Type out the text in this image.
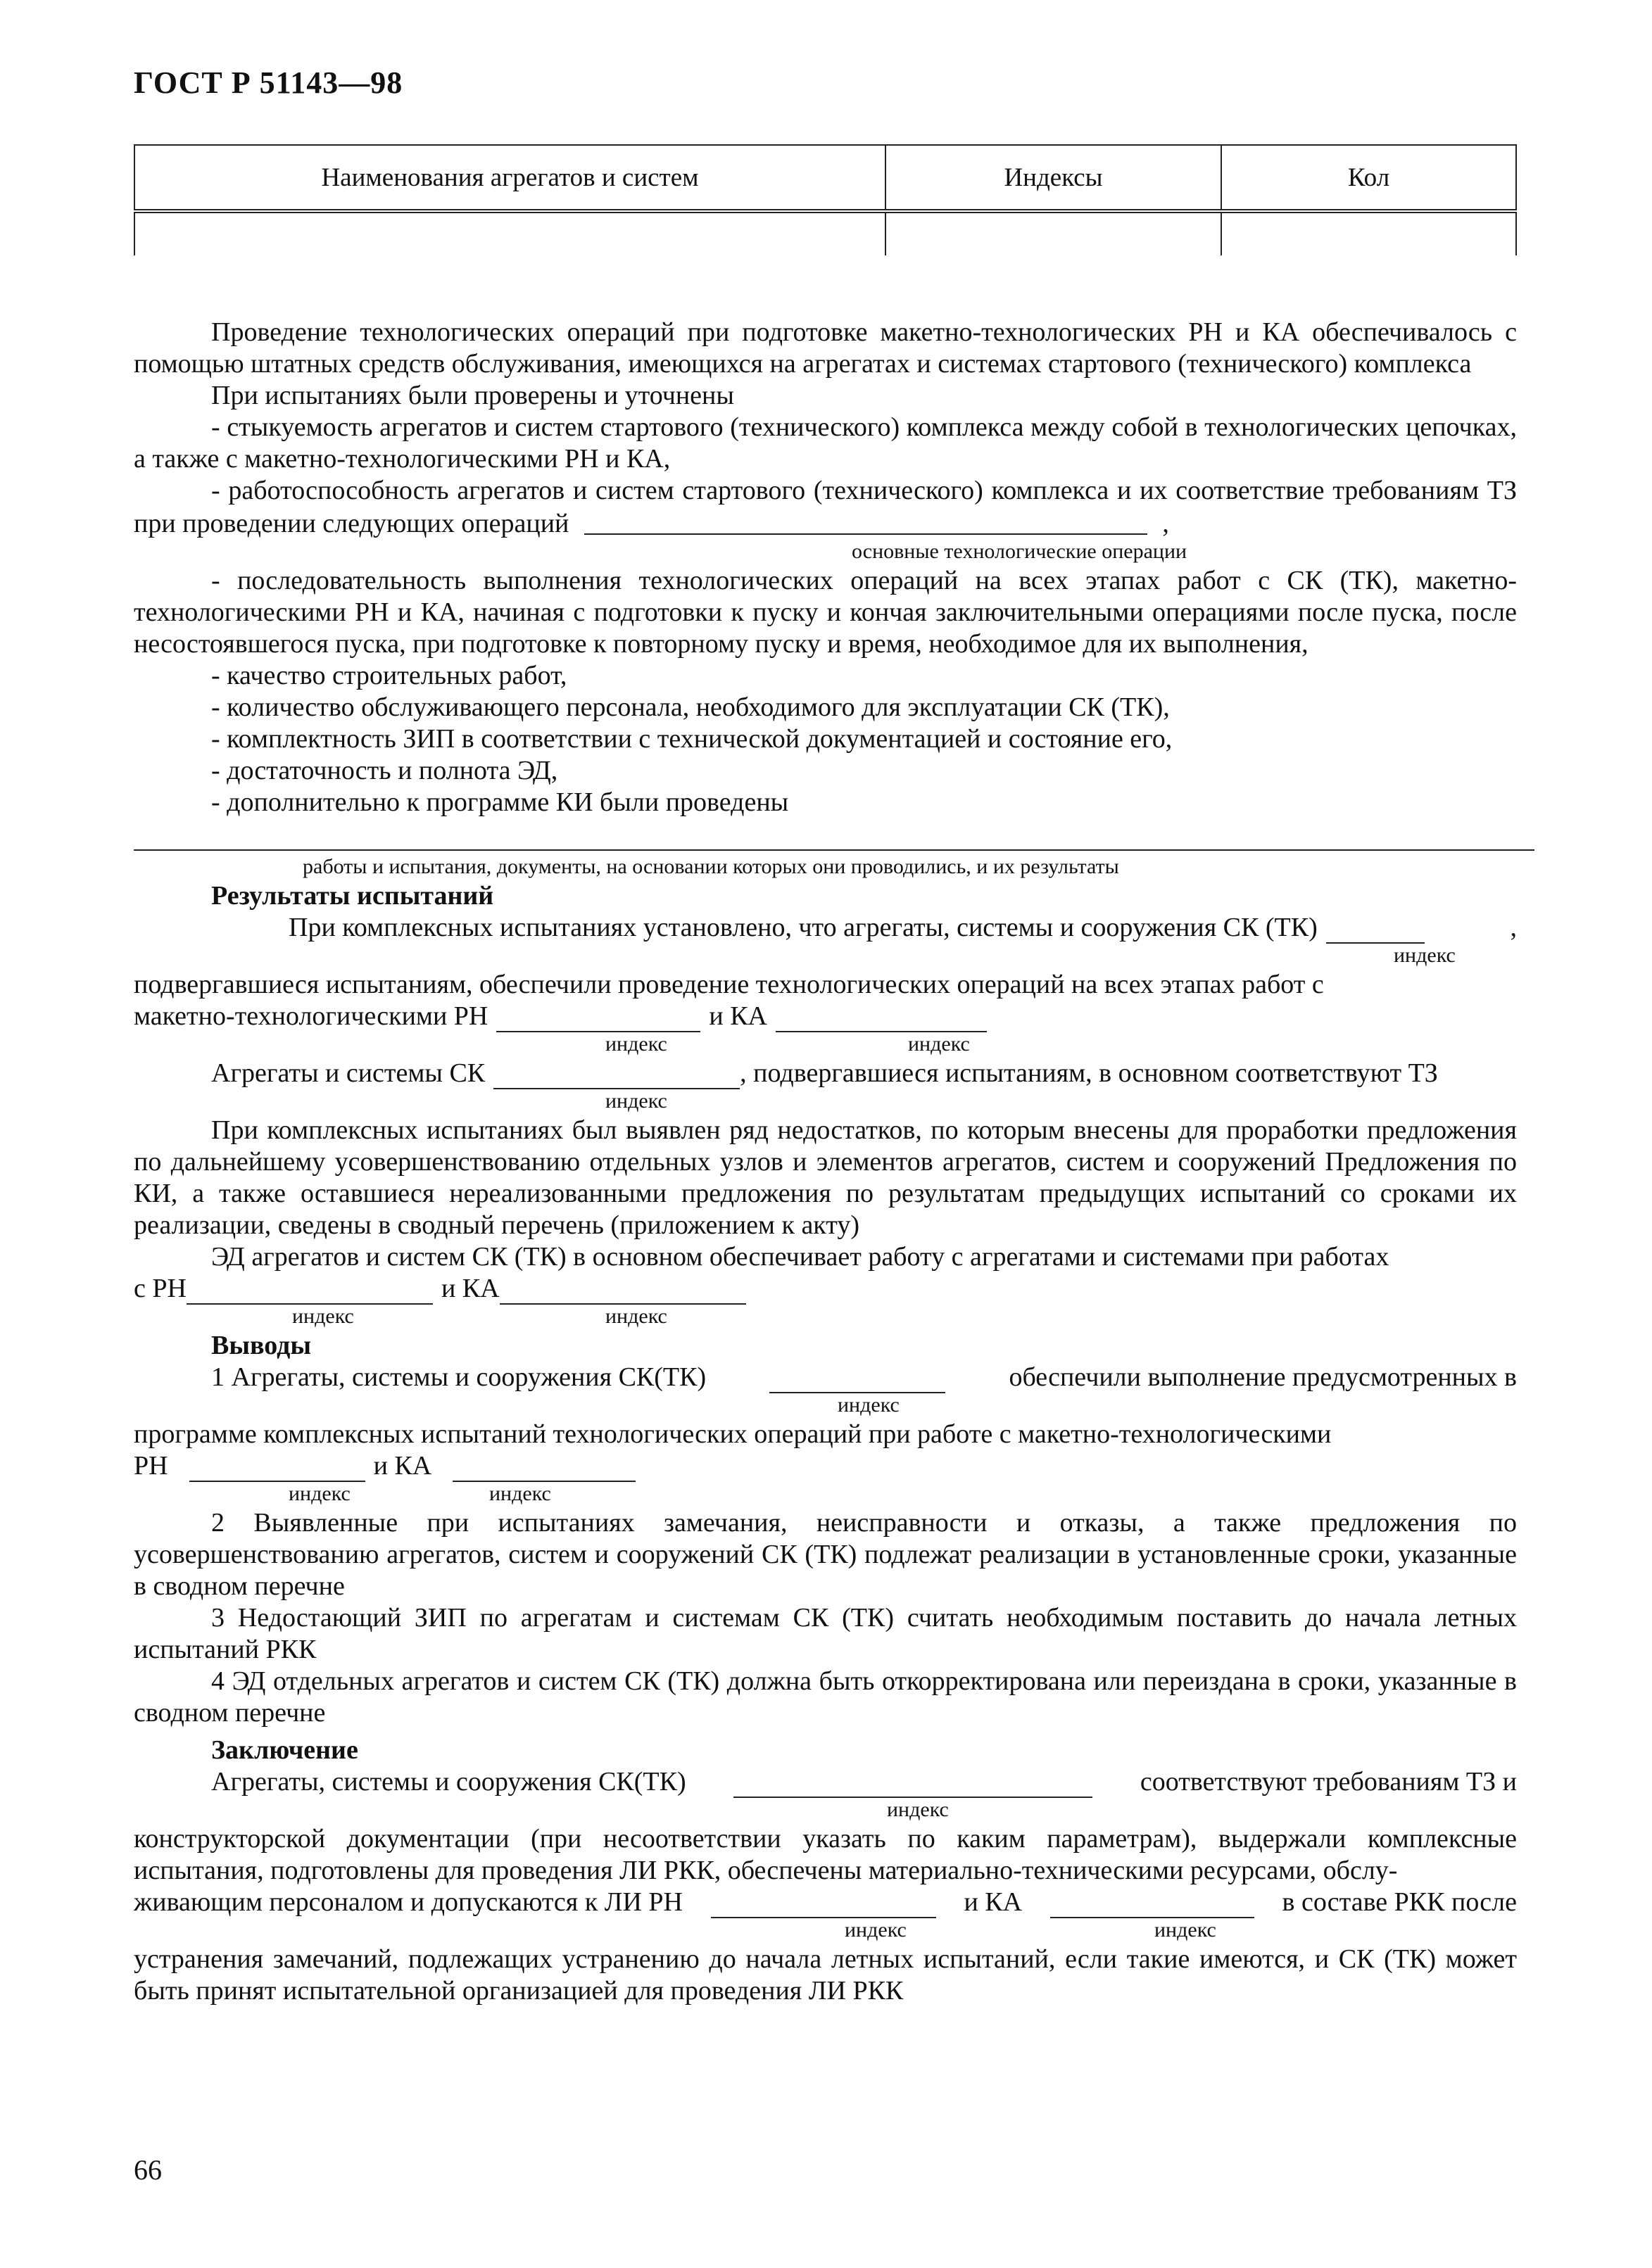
ГОСТ Р 51143—98
Наименования агрегатов и систем	Индексы	Кол

Проведение технологических операций при подготовке макетно-технологических РН и КА обеспечивалось с помощью штатных средств обслуживания, имеющихся на агрегатах и системах стартового (технического) комплекса

При испытаниях были проверены и уточнены

- стыкуемость агрегатов и систем стартового (технического) комплекса между собой в технологических цепочках, а также с макетно-технологическими РН и КА,

- работоспособность агрегатов и систем стартового (технического) комплекса и их соответствие требованиям ТЗ при проведении следующих операций	,

основные технологические операции

- последовательность выполнения технологических операций на всех этапах работ с СК (ТК), макетно-технологическими РН и КА, начиная с подготовки к пуску и кончая заключительными операциями после пуска, после несостоявшегося пуска, при подготовке к повторному пуску и время, необходимое для их выполнения,

- качество строительных работ,

- количество обслуживающего персонала, необходимого для эксплуатации СК (ТК),

- комплектность ЗИП в соответствии с технической документацией и состояние его,

- достаточность и полнота ЭД,

- дополнительно к программе КИ были проведены

работы и испытания, документы, на основании которых они проводились, и их результаты

Результаты испытаний

При комплексных испытаниях установлено, что агрегаты, системы и сооружения СК (ТК)	,
индекс

подвергавшиеся испытаниям, обеспечили проведение технологических операций на всех этапах работ с

макетно-технологическими РН	и КА
индекс	индекс
Агрегаты и системы СК	, подвергавшиеся испытаниям, в основном соответствуют ТЗ
индекс

При комплексных испытаниях был выявлен ряд недостатков, по которым внесены для проработки предложения по дальнейшему усовершенствованию отдельных узлов и элементов агрегатов, систем и сооружений Предложения по КИ, а также оставшиеся нереализованными предложения по результатам предыдущих испытаний со сроками их реализации, сведены в сводный перечень (приложением к акту)

ЭД агрегатов и систем СК (ТК) в основном обеспечивает работу с агрегатами и системами при работах

с РН	и КА
индекс	индекс

Выводы

1 Агрегаты, системы и сооружения СК(ТК)	обеспечили выполнение предусмотренных в
индекс

программе комплексных испытаний технологических операций при работе с макетно-технологическими

РН	и КА
индекс	индекс

2 Выявленные при испытаниях замечания, неисправности и отказы, а также предложения по усовершенствованию агрегатов, систем и сооружений СК (ТК) подлежат реализации в установленные сроки, указанные в сводном перечне

3 Недостающий ЗИП по агрегатам и системам СК (ТК) считать необходимым поставить до начала летных испытаний РКК

4 ЭД отдельных агрегатов и систем СК (ТК) должна быть откорректирована или переиздана в сроки, указанные в сводном перечне

Заключение

Агрегаты, системы и сооружения СК(ТК)	соответствуют требованиям ТЗ и
индекс

конструкторской документации (при несоответствии указать по каким параметрам), выдержали комплексные испытания, подготовлены для проведения ЛИ РКК, обеспечены материально-техническими ресурсами, обслу-

живающим персоналом и допускаются к ЛИ РН	и КА	в составе РКК после
индекс	индекс

устранения замечаний, подлежащих устранению до начала летных испытаний, если такие имеются, и СК (ТК) может быть принят испытательной организацией для проведения ЛИ РКК

66
